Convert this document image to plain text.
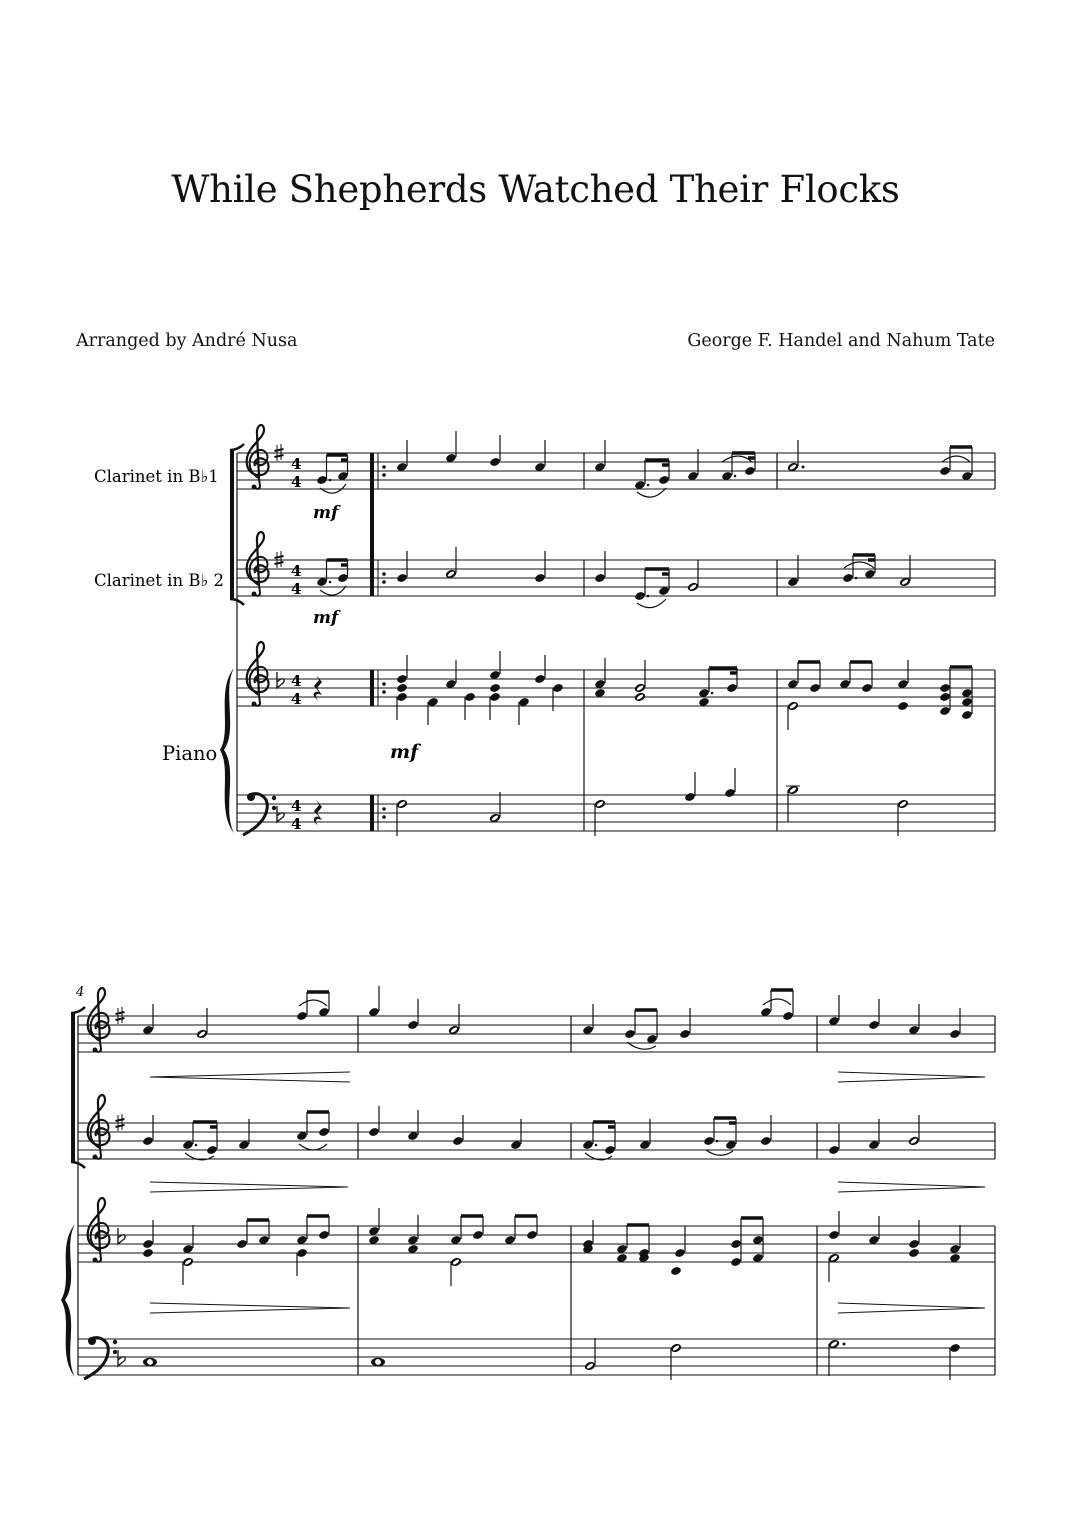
While Shepherds Watched Their Flocks
Arranged by André Nusa	George F. Handel and Nahum Tate
Clarinet in B♭1
Clarinet in B♭ 2
Piano
4
4
4
4
4
4
4
4
mf
mf
mf
4
